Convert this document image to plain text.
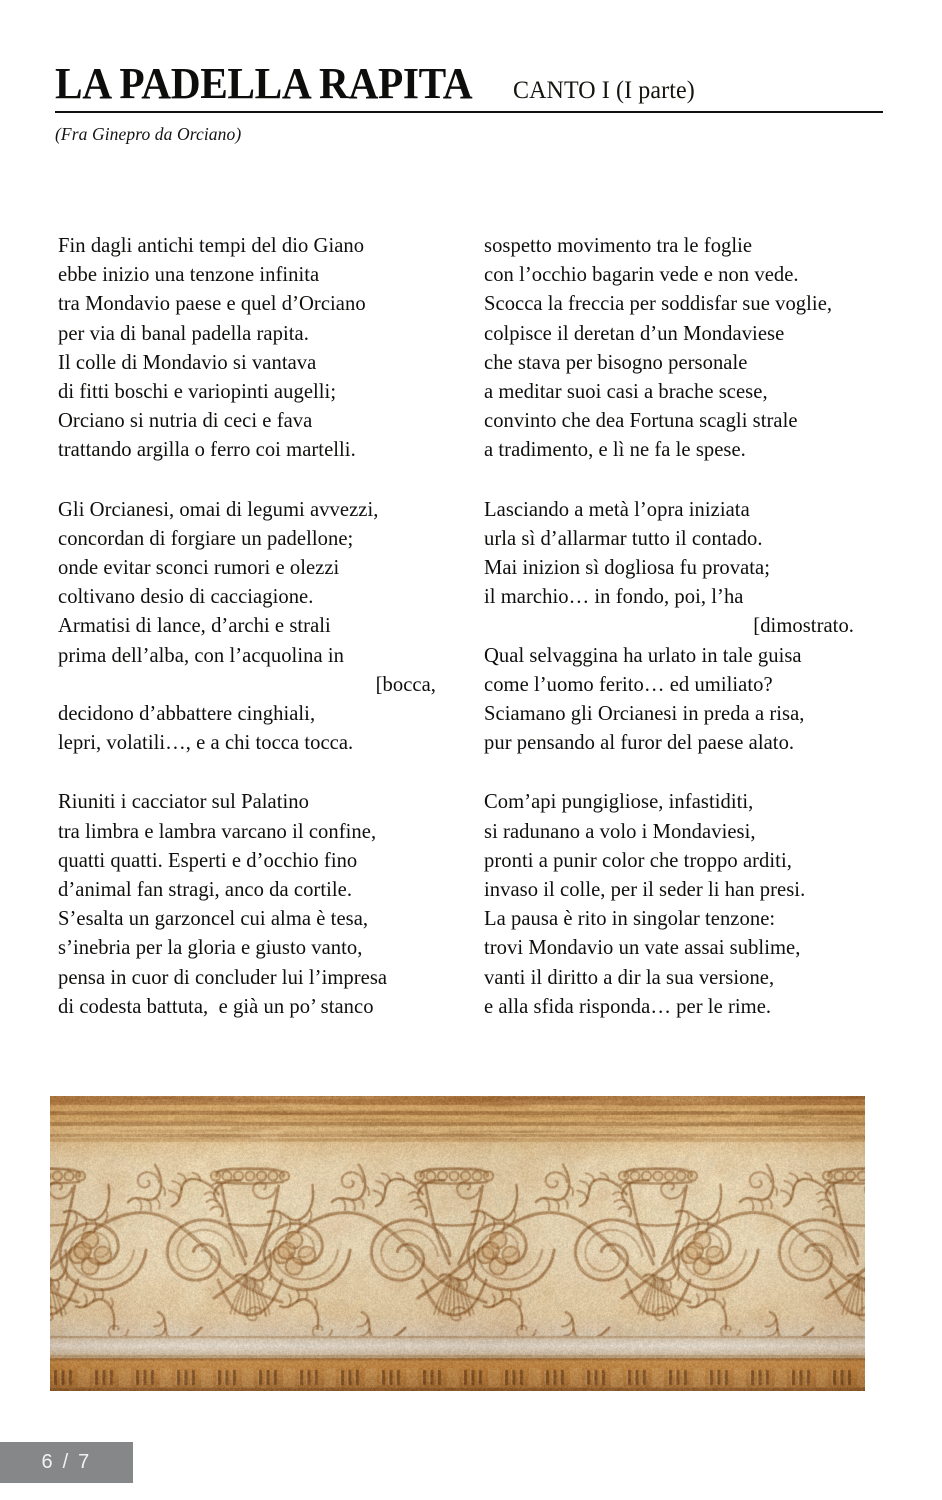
LA PADELLA RAPITA CANTO I (I parte)
(Fra Ginepro da Orciano)
Fin dagli antichi tempi del dio Giano
ebbe inizio una tenzone infinita
tra Mondavio paese e quel d’Orciano
per via di banal padella rapita.
Il colle di Mondavio si vantava
di fitti boschi e variopinti augelli;
Orciano si nutria di ceci e fava
trattando argilla o ferro coi martelli.
Gli Orcianesi, omai di legumi avvezzi,
concordan di forgiare un padellone;
onde evitar sconci rumori e olezzi
coltivano desio di cacciagione.
Armatisi di lance, d’archi e strali
prima dell’alba, con l’acquolina in
[bocca,
decidono d’abbattere cinghiali,
lepri, volatili…, e a chi tocca tocca.
Riuniti i cacciator sul Palatino
tra limbra e lambra varcano il confine,
quatti quatti. Esperti e d’occhio fino
d’animal fan stragi, anco da cortile.
S’esalta un garzoncel cui alma è tesa,
s’inebria per la gloria e giusto vanto,
pensa in cuor di concluder lui l’impresa
di codesta battuta,  e già un po’ stanco
sospetto movimento tra le foglie
con l’occhio bagarin vede e non vede.
Scocca la freccia per soddisfar sue voglie,
colpisce il deretan d’un Mondaviese
che stava per bisogno personale
a meditar suoi casi a brache scese,
convinto che dea Fortuna scagli strale
a tradimento, e lì ne fa le spese.
Lasciando a metà l’opra iniziata
urla sì d’allarmar tutto il contado.
Mai inizion sì dogliosa fu provata;
il marchio… in fondo, poi, l’ha
[dimostrato.
Qual selvaggina ha urlato in tale guisa
come l’uomo ferito… ed umiliato?
Sciamano gli Orcianesi in preda a risa,
pur pensando al furor del paese alato.
Com’api pungigliose, infastiditi,
si radunano a volo i Mondaviesi,
pronti a punir color che troppo arditi,
invaso il colle, per il seder li han presi.
La pausa è rito in singolar tenzone:
trovi Mondavio un vate assai sublime,
vanti il diritto a dir la sua versione,
e alla sfida risponda… per le rime.
6 / 7
